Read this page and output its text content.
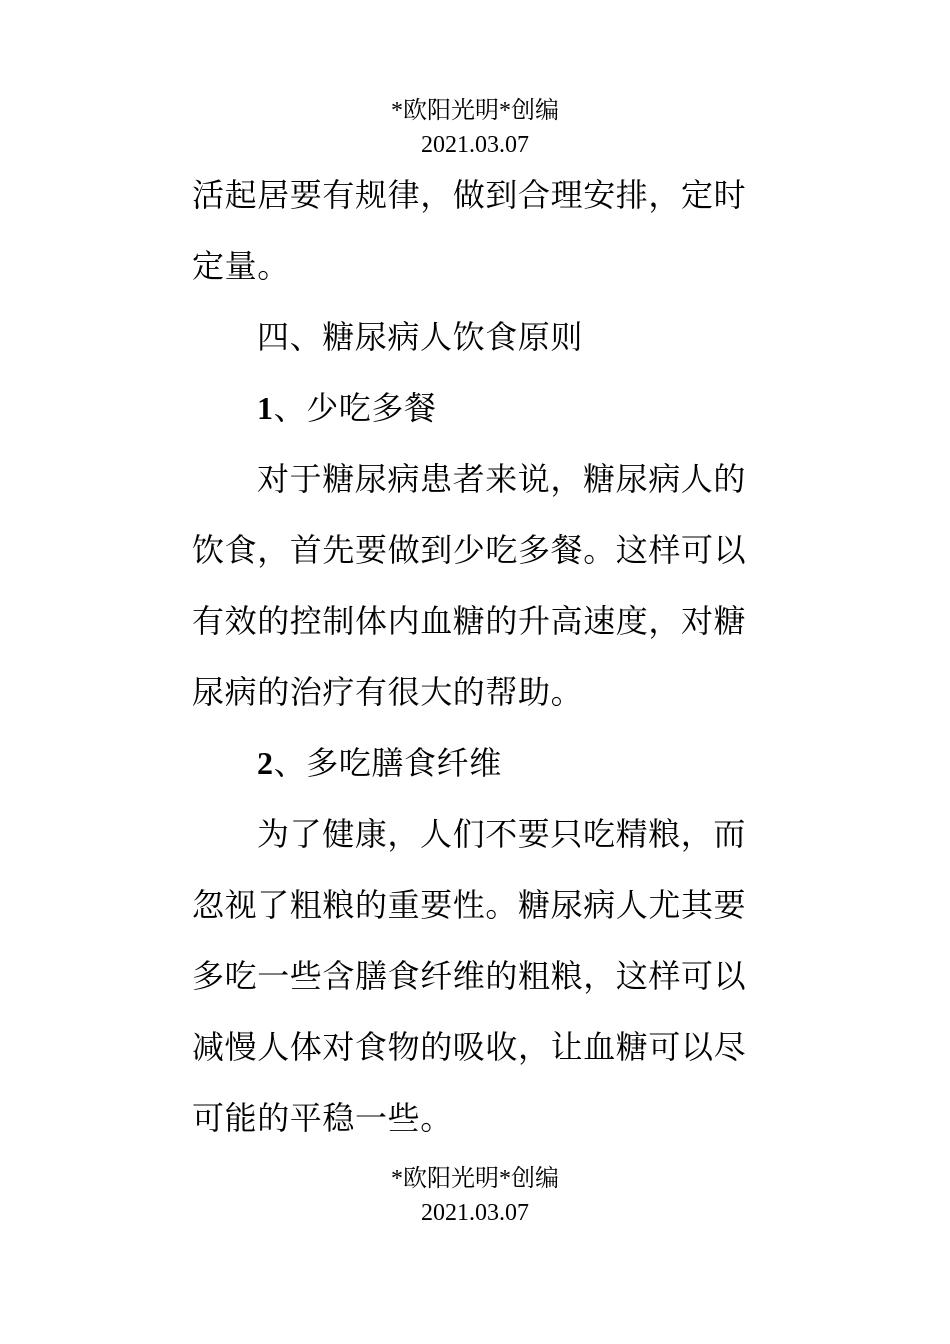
*欧阳光明*创编
2021.03.07

活起居要有规律，做到合理安排，定时

定量。

四、糖尿病人饮食原则

1、少吃多餐

对于糖尿病患者来说，糖尿病人的

饮食，首先要做到少吃多餐。这样可以

有效的控制体内血糖的升高速度，对糖

尿病的治疗有很大的帮助。

2、多吃膳食纤维

为了健康，人们不要只吃精粮，而

忽视了粗粮的重要性。糖尿病人尤其要

多吃一些含膳食纤维的粗粮，这样可以

减慢人体对食物的吸收，让血糖可以尽

可能的平稳一些。

*欧阳光明*创编
2021.03.07
